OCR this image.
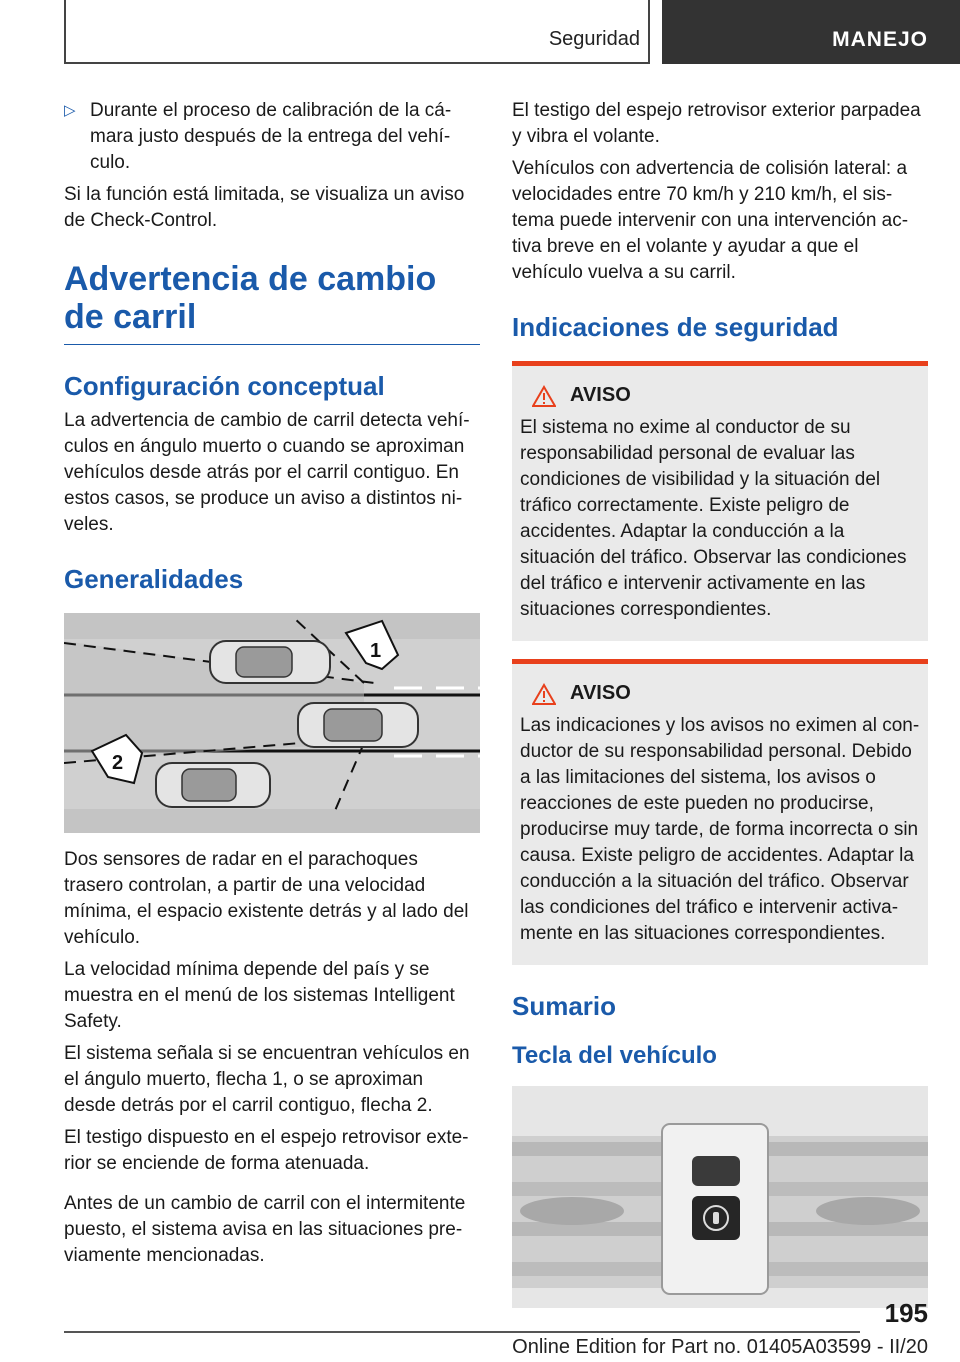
Seguridad	MANEJO

▷ Durante el proceso de calibración de la cámara justo después de la entrega del vehículo.

Si la función está limitada, se visualiza un aviso de Check-Control.

Advertencia de cambio de carril
Configuración conceptual

La advertencia de cambio de carril detecta vehículos en ángulo muerto o cuando se aproximan vehículos desde atrás por el carril contiguo. En estos casos, se produce un aviso a distintos niveles.

Generalidades
1
2

Dos sensores de radar en el parachoques trasero controlan, a partir de una velocidad mínima, el espacio existente detrás y al lado del vehículo.

La velocidad mínima depende del país y se muestra en el menú de los sistemas Intelligent Safety.

El sistema señala si se encuentran vehículos en el ángulo muerto, flecha 1, o se aproximan desde detrás por el carril contiguo, flecha 2.

El testigo dispuesto en el espejo retrovisor exterior se enciende de forma atenuada.

Antes de un cambio de carril con el intermitente puesto, el sistema avisa en las situaciones previamente mencionadas.

El testigo del espejo retrovisor exterior parpadea y vibra el volante.

Vehículos con advertencia de colisión lateral: a velocidades entre 70 km/h y 210 km/h, el sistema puede intervenir con una intervención activa breve en el volante y ayudar a que el vehículo vuelva a su carril.

Indicaciones de seguridad
AVISO

El sistema no exime al conductor de su responsabilidad personal de evaluar las condiciones de visibilidad y la situación del tráfico correctamente. Existe peligro de accidentes. Adaptar la conducción a la situación del tráfico. Observar las condiciones del tráfico e intervenir activamente en las situaciones correspondientes.

AVISO

Las indicaciones y los avisos no eximen al conductor de su responsabilidad personal. Debido a las limitaciones del sistema, los avisos o reacciones de este pueden no producirse, producirse muy tarde, de forma incorrecta o sin causa. Existe peligro de accidentes. Adaptar la conducción a la situación del tráfico. Observar las condiciones del tráfico e intervenir activamente en las situaciones correspondientes.

Sumario
Tecla del vehículo
195
Online Edition for Part no. 01405A03599 - II/20
